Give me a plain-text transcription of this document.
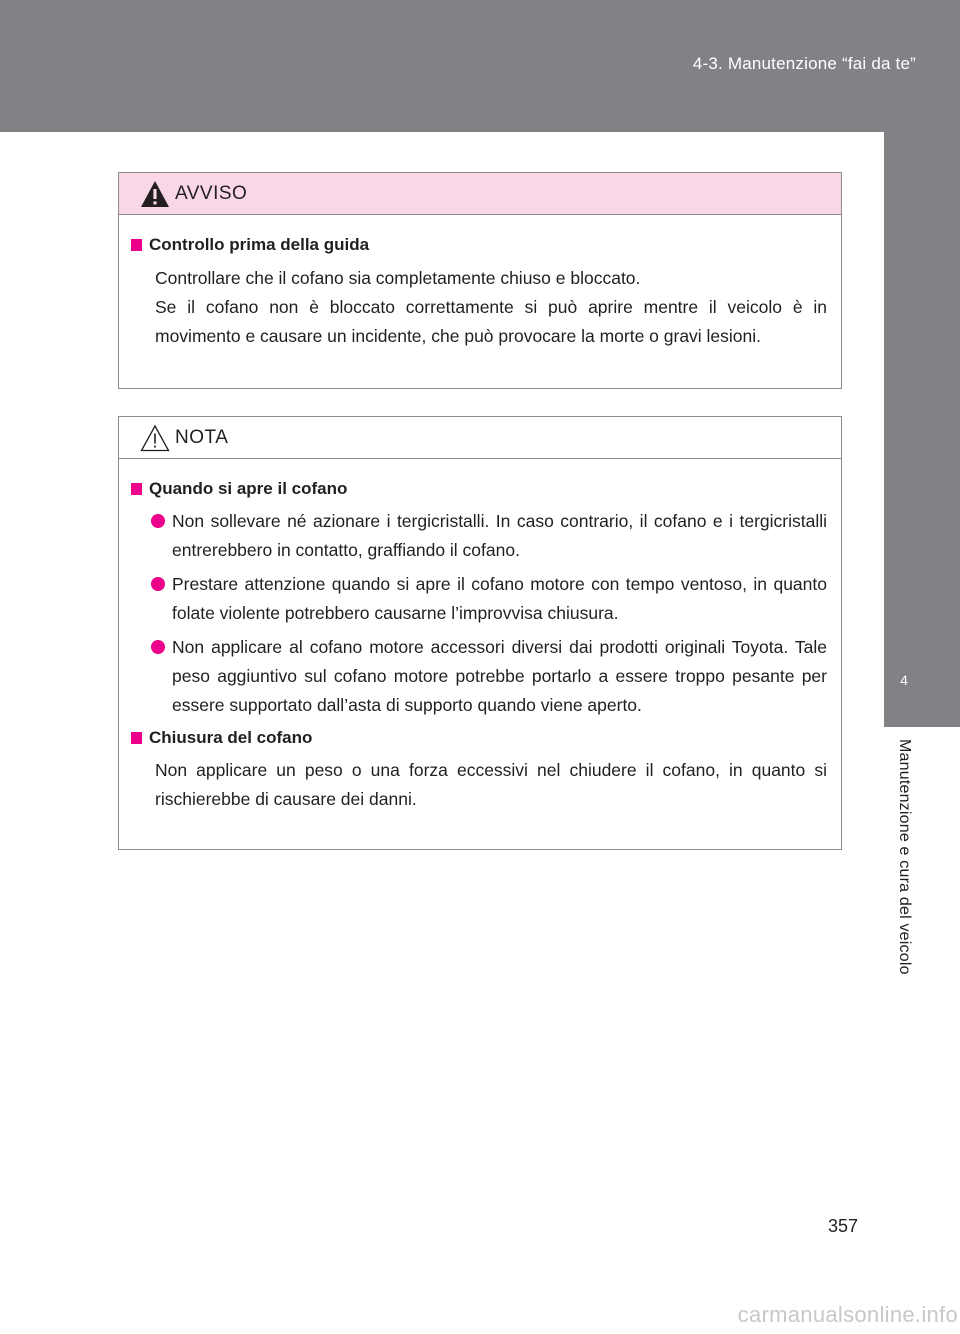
4-3. Manutenzione “fai da te”
4
Manutenzione e cura del veicolo
AVVISO

Controllo prima della guida

Controllare che il cofano sia completamente chiuso e bloccato.
Se il cofano non è bloccato correttamente si può aprire mentre il veicolo è in movimento e causare un incidente, che può provocare la morte o gravi lesioni.
NOTA

Quando si apre il cofano

Non sollevare né azionare i tergicristalli. In caso contrario, il cofano e i tergicristalli entrerebbero in contatto, graffiando il cofano.
Prestare attenzione quando si apre il cofano motore con tempo ventoso, in quanto folate violente potrebbero causarne l’improvvisa chiusura.
Non applicare al cofano motore accessori diversi dai prodotti originali Toyota. Tale peso aggiuntivo sul cofano motore potrebbe portarlo a essere troppo pesante per essere supportato dall’asta di supporto quando viene aperto.

Chiusura del cofano

Non applicare un peso o una forza eccessivi nel chiudere il cofano, in quanto si rischierebbe di causare dei danni.
357
carmanualsonline.info
